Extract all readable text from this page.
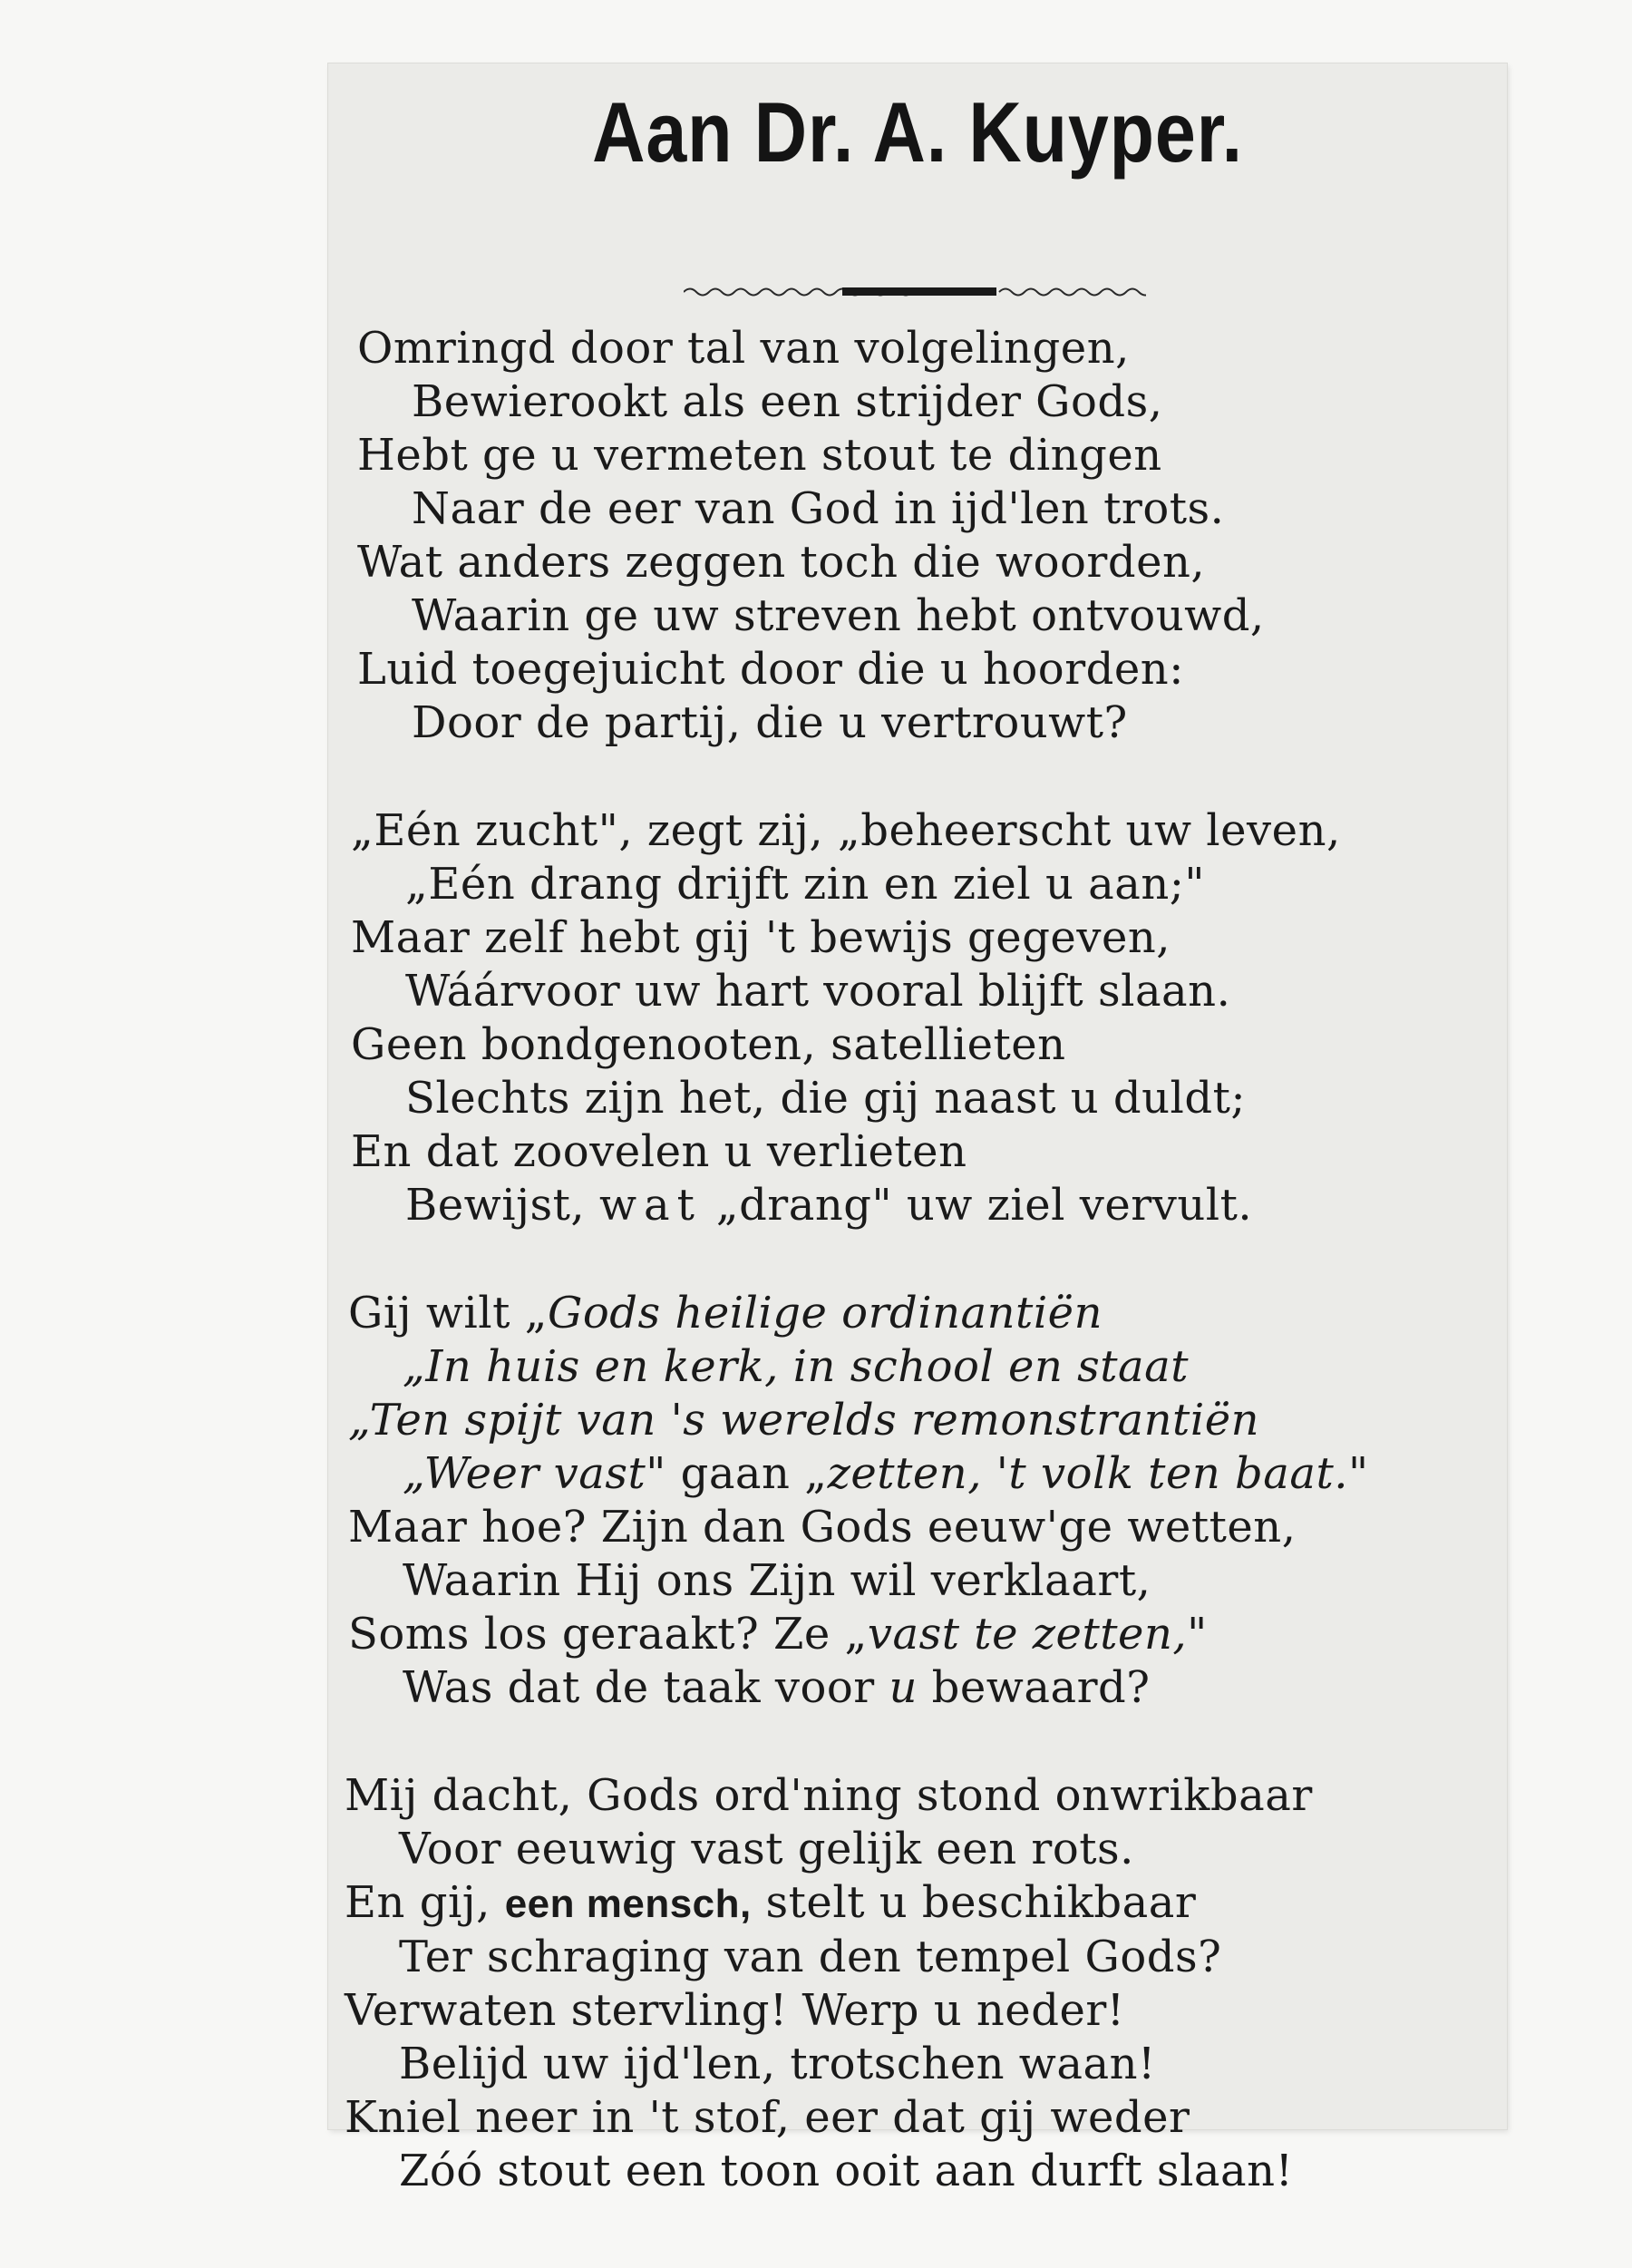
Aan Dr. A. Kuyper.
Omringd door tal van volgelingen,
Bewierookt als een strijder Gods,
Hebt ge u vermeten stout te dingen
Naar de eer van God in ijd'len trots.
Wat anders zeggen toch die woorden,
Waarin ge uw streven hebt ontvouwd,
Luid toegejuicht door die u hoorden:
Door de partij, die u vertrouwt?
„Eén zucht", zegt zij, „beheerscht uw leven,
„Eén drang drijft zin en ziel u aan;"
Maar zelf hebt gij 't bewijs gegeven,
Wáárvoor uw hart vooral blijft slaan.
Geen bondgenooten, satellieten
Slechts zijn het, die gij naast u duldt;
En dat zoovelen u verlieten
Bewijst, wat „drang" uw ziel vervult.
Gij wilt „Gods heilige ordinantiën
„In huis en kerk, in school en staat
„Ten spijt van 's werelds remonstrantiën
„Weer vast" gaan „zetten, 't volk ten baat."
Maar hoe? Zijn dan Gods eeuw'ge wetten,
Waarin Hij ons Zijn wil verklaart,
Soms los geraakt? Ze „vast te zetten,"
Was dat de taak voor u bewaard?
Mij dacht, Gods ord'ning stond onwrikbaar
Voor eeuwig vast gelijk een rots.
En gij, een mensch, stelt u beschikbaar
Ter schraging van den tempel Gods?
Verwaten stervling! Werp u neder!
Belijd uw ijd'len, trotschen waan!
Kniel neer in 't stof, eer dat gij weder
Zóó stout een toon ooit aan durft slaan!
